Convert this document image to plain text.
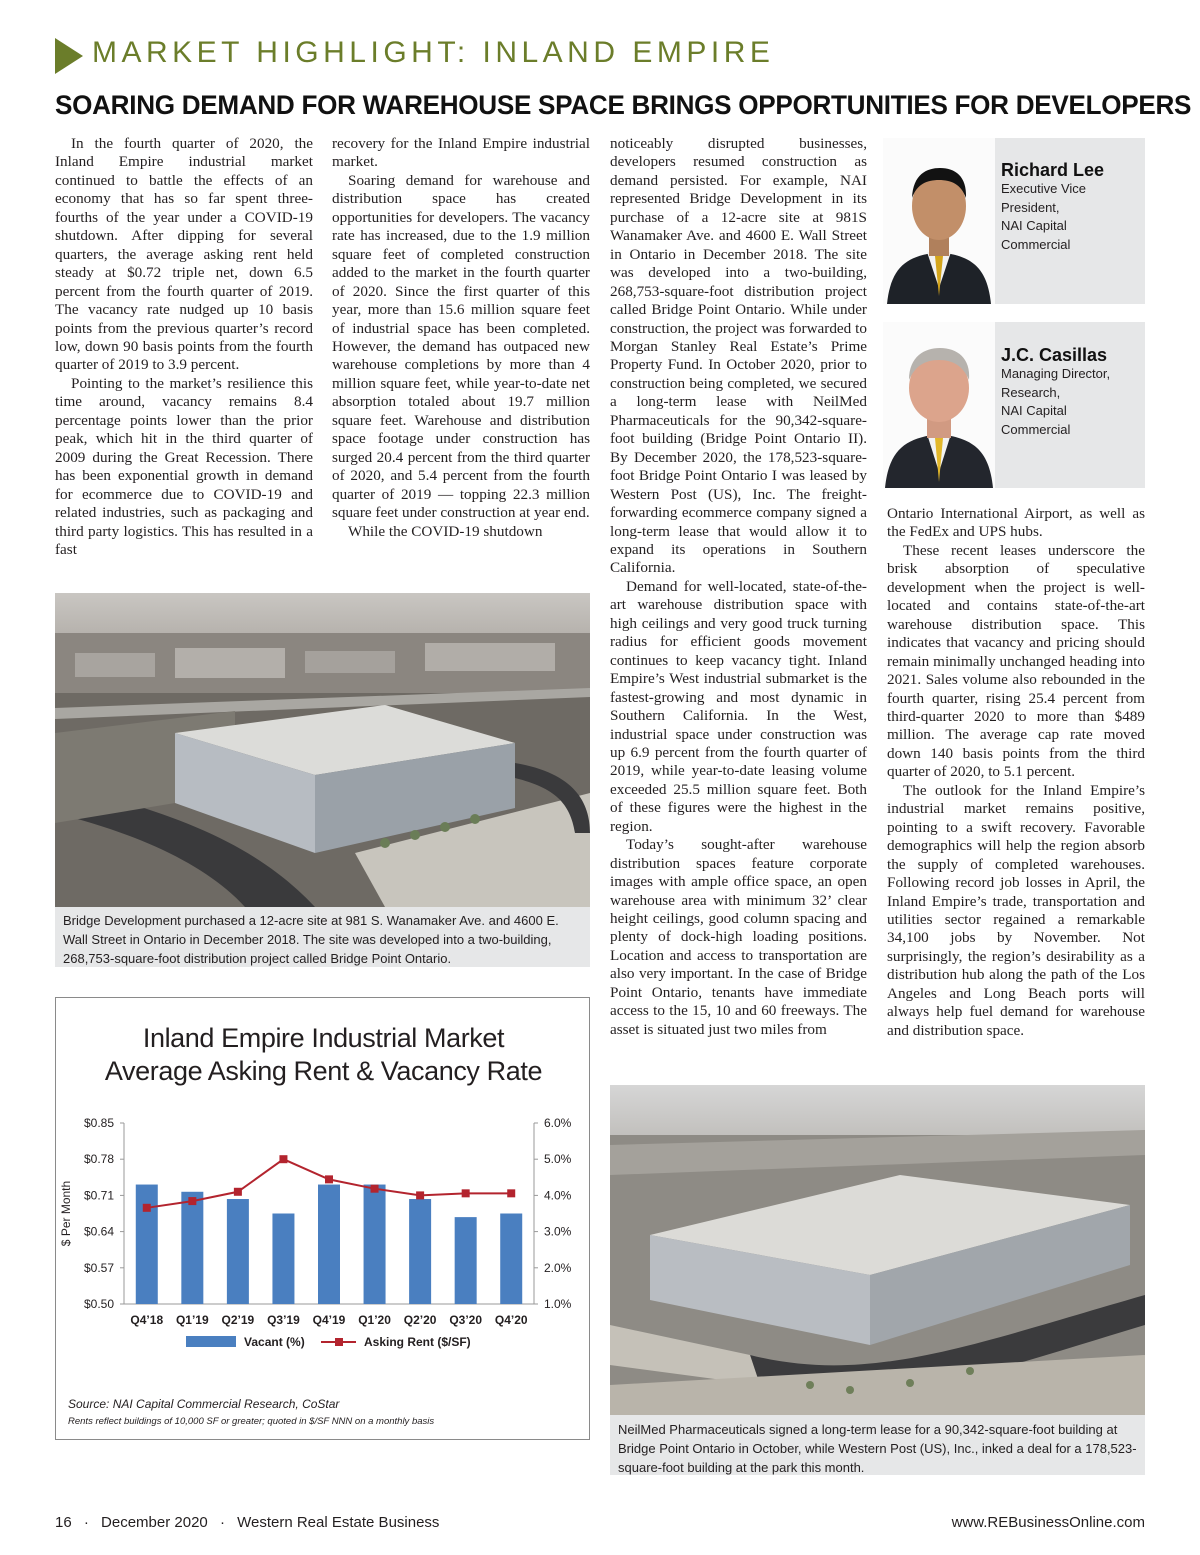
MARKET HIGHLIGHT: INLAND EMPIRE
SOARING DEMAND FOR WAREHOUSE SPACE BRINGS OPPORTUNITIES FOR DEVELOPERS

In the fourth quarter of 2020, the Inland Empire industrial market continued to battle the effects of an economy that has so far spent three-fourths of the year under a COVID-19 shutdown. After dipping for several quarters, the average asking rent held steady at $0.72 triple net, down 6.5 percent from the fourth quarter of 2019. The vacancy rate nudged up 10 basis points from the previous quarter’s record low, down 90 basis points from the fourth quarter of 2019 to 3.9 percent.

Pointing to the market’s resilience this time around, vacancy remains 8.4 percentage points lower than the prior peak, which hit in the third quarter of 2009 during the Great Recession. There has been exponential growth in demand for ecommerce due to COVID-19 and related industries, such as packaging and third party logistics. This has resulted in a fast

recovery for the Inland Empire industrial market.

Soaring demand for warehouse and distribution space has created opportunities for developers. The vacancy rate has increased, due to the 1.9 million square feet of completed construction added to the market in the fourth quarter of 2020. Since the first quarter of this year, more than 15.6 million square feet of industrial space has been completed. However, the demand has outpaced new warehouse completions by more than 4 million square feet, while year-to-date net absorption totaled about 19.7 million square feet. Warehouse and distribution space footage under construction has surged 20.4 percent from the third quarter of 2020, and 5.4 percent from the fourth quarter of 2019 — topping 22.3 million square feet under construction at year end.

While the COVID-19 shutdown

noticeably disrupted businesses, developers resumed construction as demand persisted. For example, NAI represented Bridge Development in its purchase of a 12-acre site at 981S Wanamaker Ave. and 4600 E. Wall Street in Ontario in December 2018. The site was developed into a two-building, 268,753-square-foot distribution project called Bridge Point Ontario. While under construction, the project was forwarded to Morgan Stanley Real Estate’s Prime Property Fund. In October 2020, prior to construction being completed, we secured a long-term lease with NeilMed Pharmaceuticals for the 90,342-square-foot building (Bridge Point Ontario II). By December 2020, the 178,523-square-foot Bridge Point Ontario I was leased by Western Post (US), Inc. The freight-forwarding ecommerce company signed a long-term lease that would allow it to expand its operations in Southern California.

Demand for well-located, state-of-the-art warehouse distribution space with high ceilings and very good truck turning radius for efficient goods movement continues to keep vacancy tight. Inland Empire’s West industrial submarket is the fastest-growing and most dynamic in Southern California. In the West, industrial space under construction was up 6.9 percent from the fourth quarter of 2019, while year-to-date leasing volume exceeded 25.5 million square feet. Both of these figures were the highest in the region.

Today’s sought-after warehouse distribution spaces feature corporate images with ample office space, an open warehouse area with minimum 32’ clear height ceilings, good column spacing and plenty of dock-high loading positions. Location and access to transportation are also very important. In the case of Bridge Point Ontario, tenants have immediate access to the 15, 10 and 60 freeways. The asset is situated just two miles from

Ontario International Airport, as well as the FedEx and UPS hubs.

These recent leases underscore the brisk absorption of speculative development when the project is well-located and contains state-of-the-art warehouse distribution space. This indicates that vacancy and pricing should remain minimally unchanged heading into 2021. Sales volume also rebounded in the fourth quarter, rising 25.4 percent from third-quarter 2020 to more than $489 million. The average cap rate moved down 140 basis points from the third quarter of 2020, to 5.1 percent.

The outlook for the Inland Empire’s industrial market remains positive, pointing to a swift recovery. Favorable demographics will help the region absorb the supply of completed warehouses. Following record job losses in April, the Inland Empire’s trade, transportation and utilities sector regained a remarkable 34,100 jobs by November. Not surprisingly, the region’s desirability as a distribution hub along the path of the Los Angeles and Long Beach ports will always help fuel demand for warehouse and distribution space.

Richard Lee
Executive Vice
President,
NAI Capital
Commercial
J.C. Casillas
Managing Director,
Research,
NAI Capital
Commercial
Bridge Development purchased a 12-acre site at 981 S. Wanamaker Ave. and 4600 E. Wall Street in Ontario in December 2018. The site was developed into a two-building, 268,753-square-foot distribution project called Bridge Point Ontario.
Inland Empire Industrial Market
Average Asking Rent & Vacancy Rate
$0.85
$0.78
$0.71
$0.64
$0.57
$0.50
6.0%
5.0%
4.0%
3.0%
2.0%
1.0%
$ Per Month
Q4’18 Q1’19 Q2’19 Q3’19 Q4’19 Q1’20 Q2’20 Q3’20 Q4’20
Vacant (%)	Asking Rent ($/SF)
Source: NAI Capital Commercial Research, CoStar
Rents reflect buildings of 10,000 SF or greater; quoted in $/SF NNN on a monthly basis
NeilMed Pharmaceuticals signed a long-term lease for a 90,342-square-foot building at Bridge Point Ontario in October, while Western Post (US), Inc., inked a deal for a 178,523-square-foot building at the park this month.
16 · December 2020 · Western Real Estate Business	www.REBusinessOnline.com
